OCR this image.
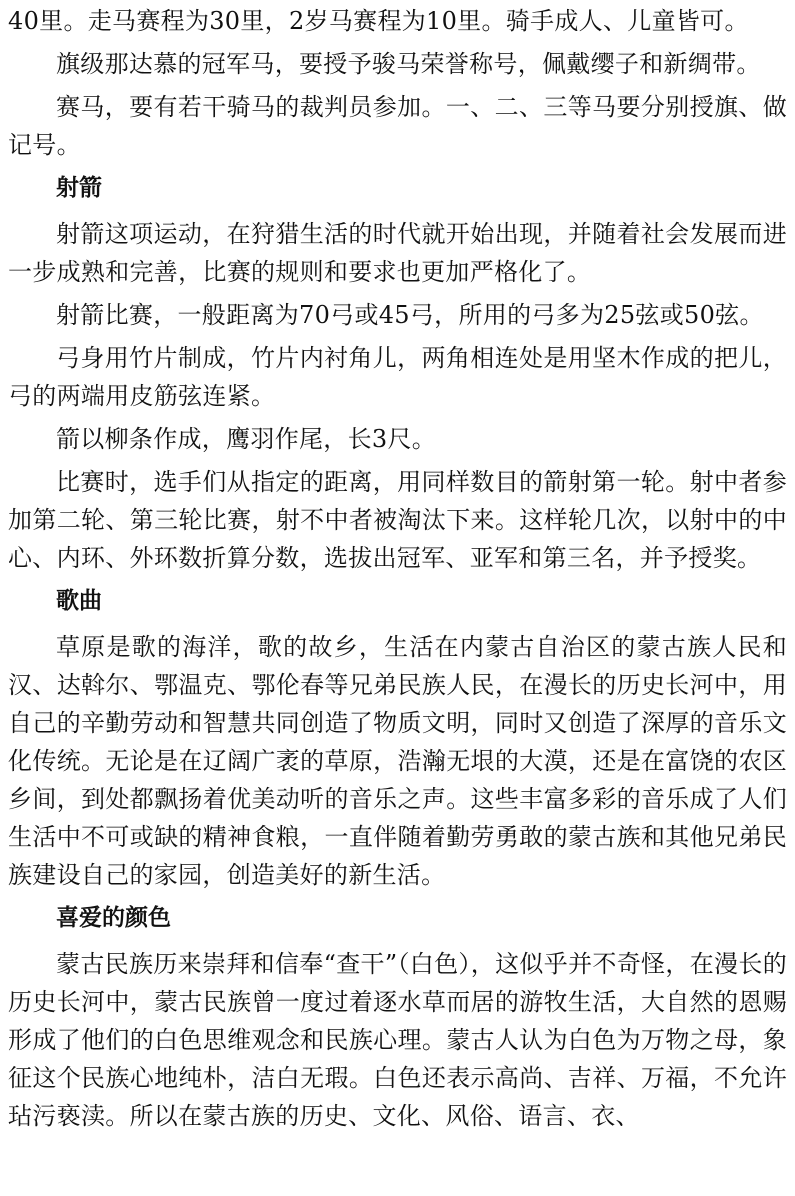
40里。走马赛程为30里，2岁马赛程为10里。骑手成人、儿童皆可。

旗级那达慕的冠军马，要授予骏马荣誉称号，佩戴缨子和新绸带。

赛马，要有若干骑马的裁判员参加。一、二、三等马要分别授旗、做记号。

射箭

射箭这项运动，在狩猎生活的时代就开始出现，并随着社会发展而进一步成熟和完善，比赛的规则和要求也更加严格化了。

射箭比赛，一般距离为70弓或45弓，所用的弓多为25弦或50弦。

弓身用竹片制成，竹片内衬角儿，两角相连处是用坚木作成的把儿，弓的两端用皮筋弦连紧。

箭以柳条作成，鹰羽作尾，长3尺。

比赛时，选手们从指定的距离，用同样数目的箭射第一轮。射中者参加第二轮、第三轮比赛，射不中者被淘汰下来。这样轮几次，以射中的中心、内环、外环数折算分数，选拔出冠军、亚军和第三名，并予授奖。

歌曲

草原是歌的海洋，歌的故乡，生活在内蒙古自治区的蒙古族人民和汉、达斡尔、鄂温克、鄂伦春等兄弟民族人民，在漫长的历史长河中，用自己的辛勤劳动和智慧共同创造了物质文明，同时又创造了深厚的音乐文化传统。无论是在辽阔广袤的草原，浩瀚无垠的大漠，还是在富饶的农区乡间，到处都飘扬着优美动听的音乐之声。这些丰富多彩的音乐成了人们生活中不可或缺的精神食粮，一直伴随着勤劳勇敢的蒙古族和其他兄弟民族建设自己的家园，创造美好的新生活。

喜爱的颜色

蒙古民族历来崇拜和信奉“查干”（白色），这似乎并不奇怪，在漫长的历史长河中，蒙古民族曾一度过着逐水草而居的游牧生活，大自然的恩赐形成了他们的白色思维观念和民族心理。蒙古人认为白色为万物之母，象征这个民族心地纯朴，洁白无瑕。白色还表示高尚、吉祥、万福，不允许玷污亵渎。所以在蒙古族的历史、文化、风俗、语言、衣、
